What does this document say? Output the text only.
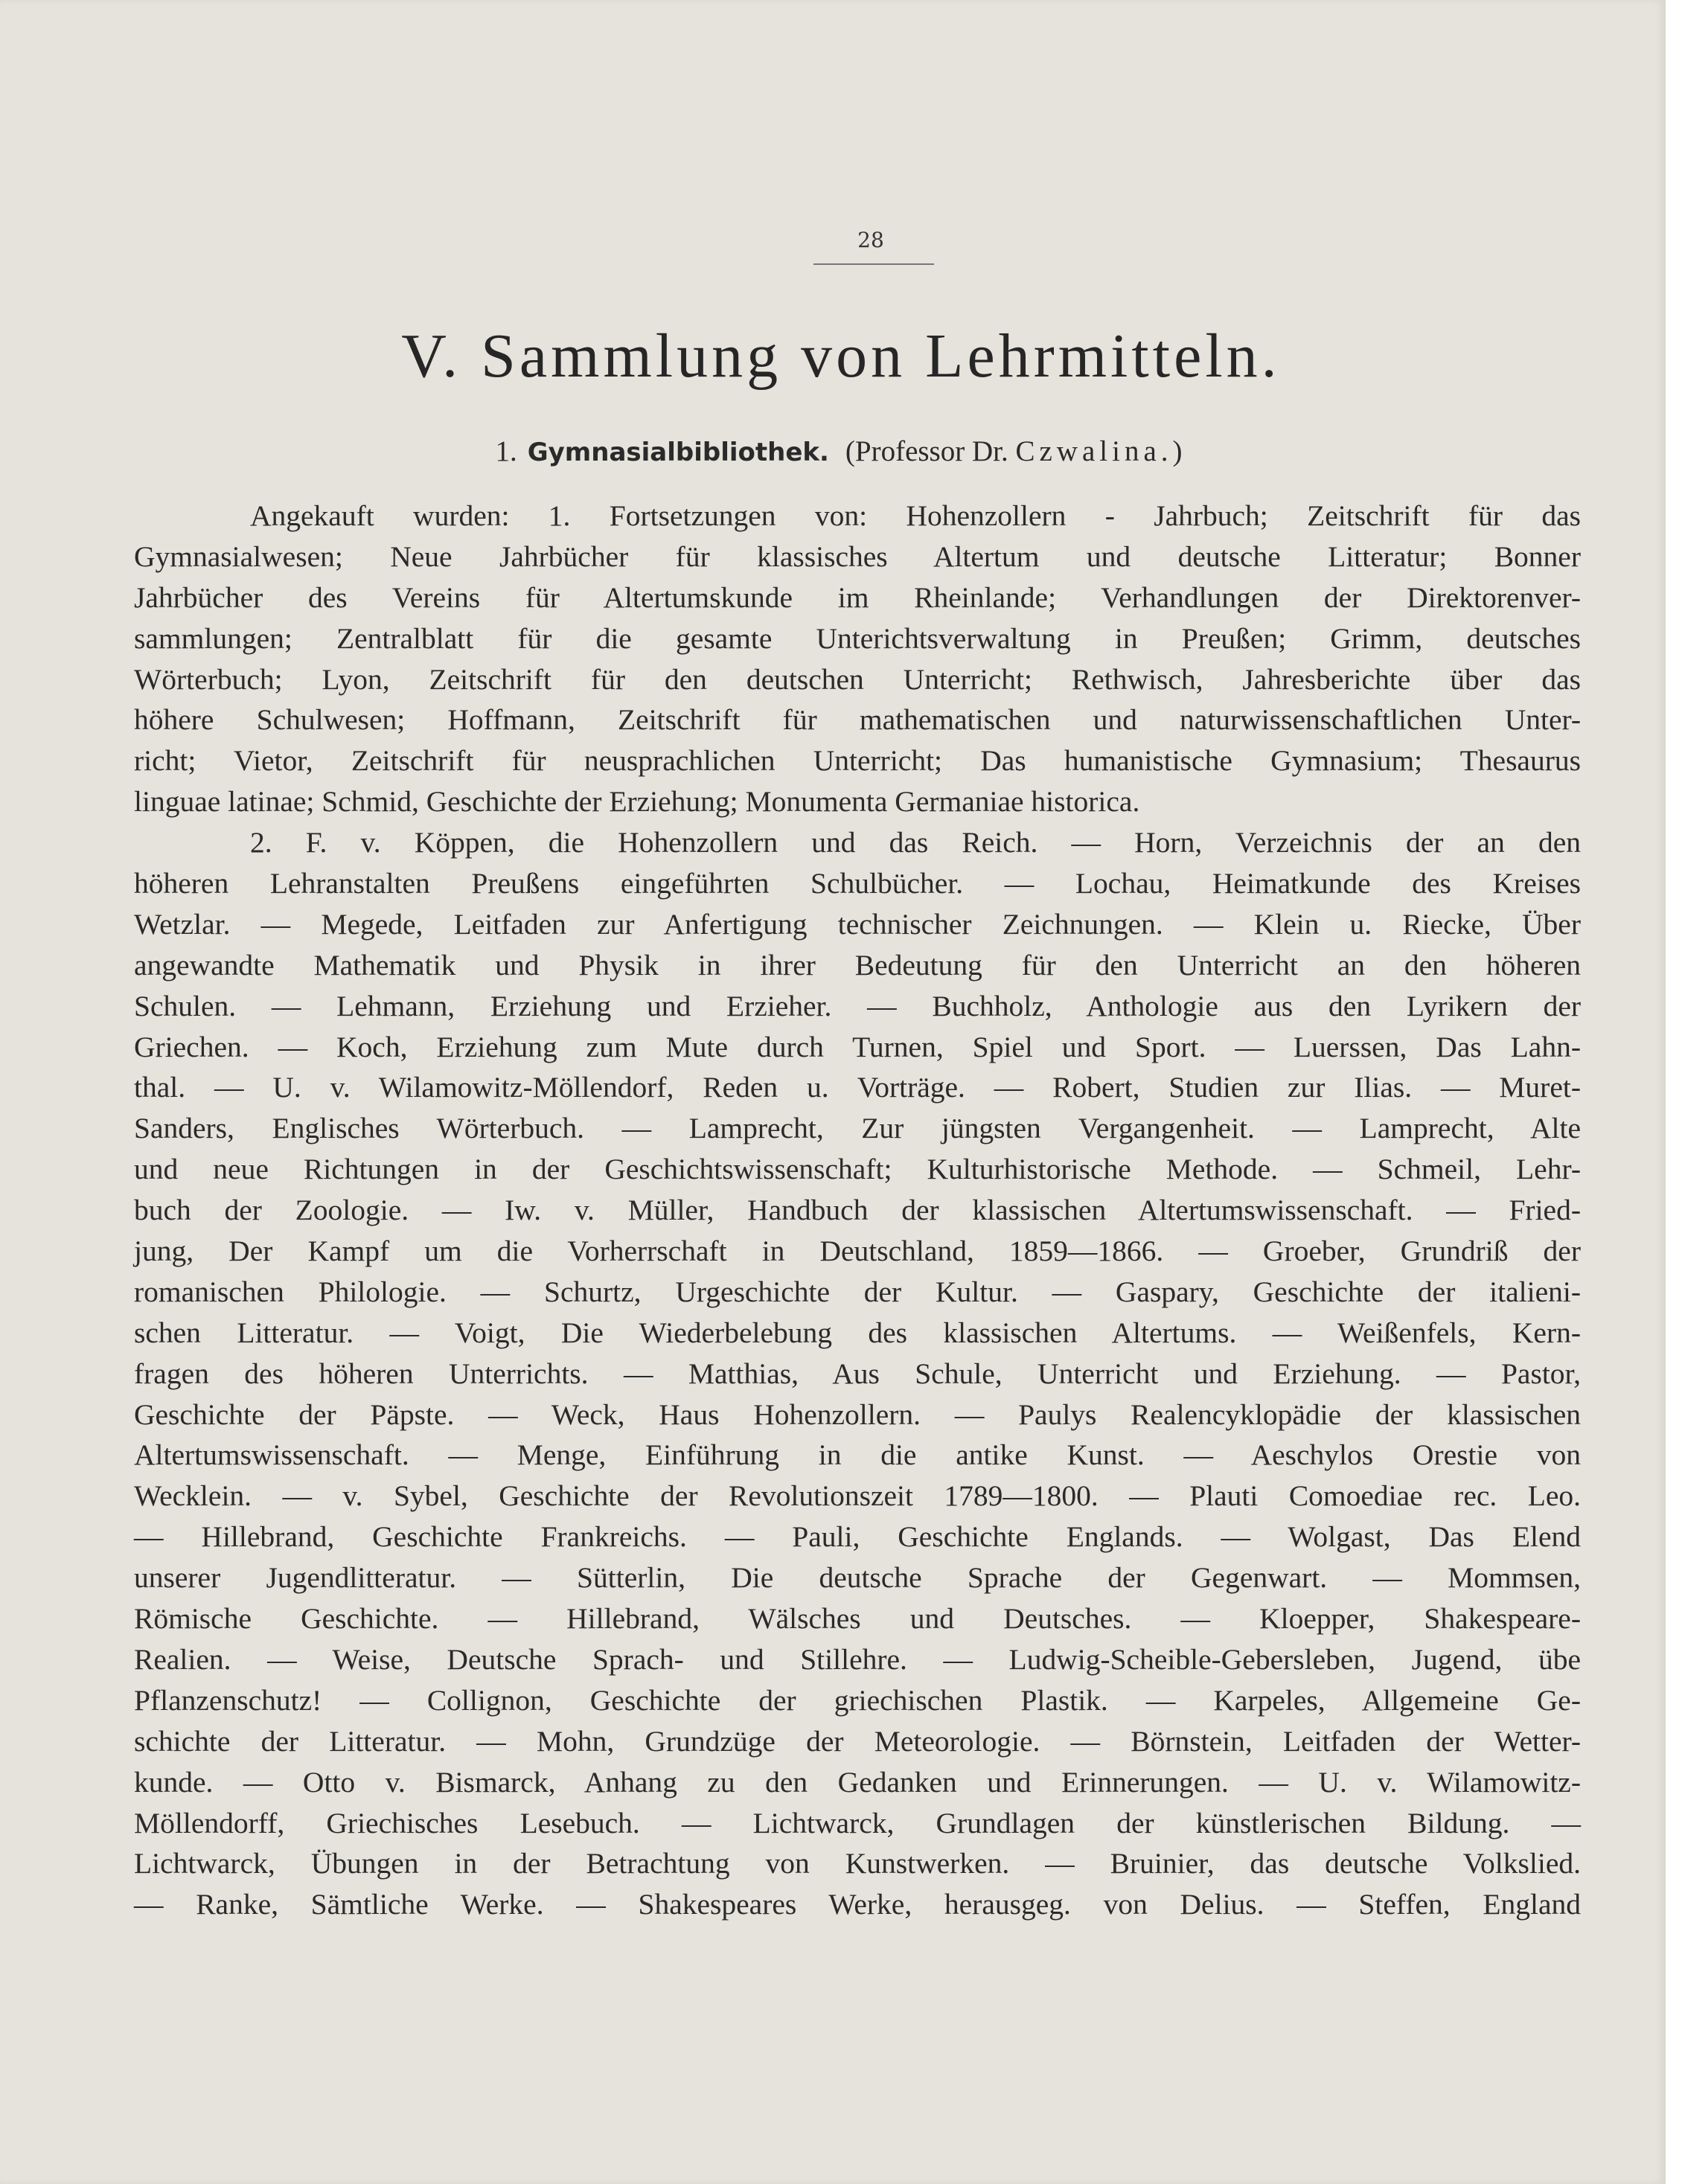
28
V. Sammlung von Lehrmitteln.
1. Gymnasialbibliothek. (Professor Dr. Czwalina.)

Angekauft wurden: 1. Fortsetzungen von: Hohenzollern - Jahrbuch; Zeitschrift für das
Gymnasialwesen; Neue Jahrbücher für klassisches Altertum und deutsche Litteratur; Bonner
Jahrbücher des Vereins für Altertumskunde im Rheinlande; Verhandlungen der Direktorenver-
sammlungen; Zentralblatt für die gesamte Unterichtsverwaltung in Preußen; Grimm, deutsches
Wörterbuch; Lyon, Zeitschrift für den deutschen Unterricht; Rethwisch, Jahresberichte über das
höhere Schulwesen; Hoffmann, Zeitschrift für mathematischen und naturwissenschaftlichen Unter-
richt; Vietor, Zeitschrift für neusprachlichen Unterricht; Das humanistische Gymnasium; Thesaurus
linguae latinae; Schmid, Geschichte der Erziehung; Monumenta Germaniae historica.

2. F. v. Köppen, die Hohenzollern und das Reich. — Horn, Verzeichnis der an den
höheren Lehranstalten Preußens eingeführten Schulbücher. — Lochau, Heimatkunde des Kreises
Wetzlar. — Megede, Leitfaden zur Anfertigung technischer Zeichnungen. — Klein u. Riecke, Über
angewandte Mathematik und Physik in ihrer Bedeutung für den Unterricht an den höheren
Schulen. — Lehmann, Erziehung und Erzieher. — Buchholz, Anthologie aus den Lyrikern der
Griechen. — Koch, Erziehung zum Mute durch Turnen, Spiel und Sport. — Luerssen, Das Lahn-
thal. — U. v. Wilamowitz-Möllendorf, Reden u. Vorträge. — Robert, Studien zur Ilias. — Muret-
Sanders, Englisches Wörterbuch. — Lamprecht, Zur jüngsten Vergangenheit. — Lamprecht, Alte
und neue Richtungen in der Geschichtswissenschaft; Kulturhistorische Methode. — Schmeil, Lehr-
buch der Zoologie. — Iw. v. Müller, Handbuch der klassischen Altertumswissenschaft. — Fried-
jung, Der Kampf um die Vorherrschaft in Deutschland, 1859—1866. — Groeber, Grundriß der
romanischen Philologie. — Schurtz, Urgeschichte der Kultur. — Gaspary, Geschichte der italieni-
schen Litteratur. — Voigt, Die Wiederbelebung des klassischen Altertums. — Weißenfels, Kern-
fragen des höheren Unterrichts. — Matthias, Aus Schule, Unterricht und Erziehung. — Pastor,
Geschichte der Päpste. — Weck, Haus Hohenzollern. — Paulys Realencyklopädie der klassischen
Altertumswissenschaft. — Menge, Einführung in die antike Kunst. — Aeschylos Orestie von
Wecklein. — v. Sybel, Geschichte der Revolutionszeit 1789—1800. — Plauti Comoediae rec. Leo.
— Hillebrand, Geschichte Frankreichs. — Pauli, Geschichte Englands. — Wolgast, Das Elend
unserer Jugendlitteratur. — Sütterlin, Die deutsche Sprache der Gegenwart. — Mommsen,
Römische Geschichte. — Hillebrand, Wälsches und Deutsches. — Kloepper, Shakespeare-
Realien. — Weise, Deutsche Sprach- und Stillehre. — Ludwig-Scheible-Gebersleben, Jugend, übe
Pflanzenschutz! — Collignon, Geschichte der griechischen Plastik. — Karpeles, Allgemeine Ge-
schichte der Litteratur. — Mohn, Grundzüge der Meteorologie. — Börnstein, Leitfaden der Wetter-
kunde. — Otto v. Bismarck, Anhang zu den Gedanken und Erinnerungen. — U. v. Wilamowitz-
Möllendorff, Griechisches Lesebuch. — Lichtwarck, Grundlagen der künstlerischen Bildung. —
Lichtwarck, Übungen in der Betrachtung von Kunstwerken. — Bruinier, das deutsche Volkslied.
— Ranke, Sämtliche Werke. — Shakespeares Werke, herausgeg. von Delius. — Steffen, England
